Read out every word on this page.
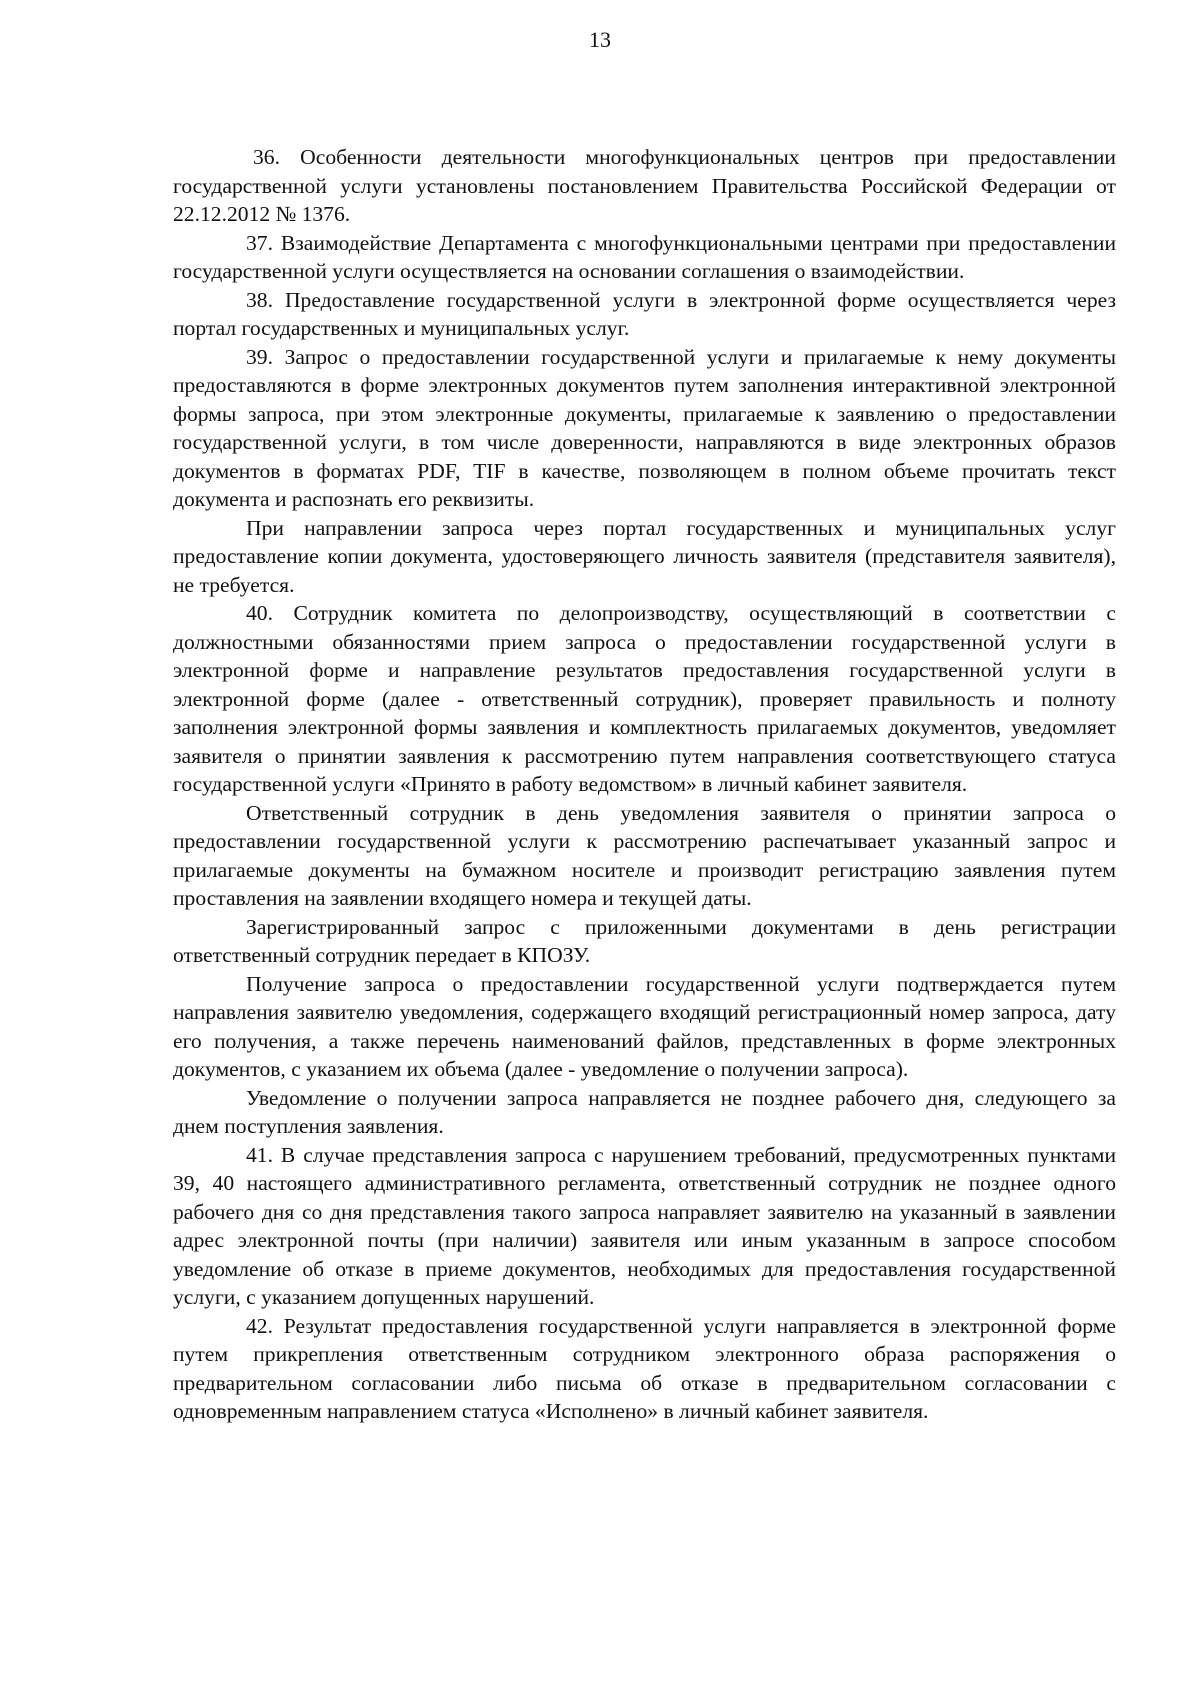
13

36. Особенности деятельности многофункциональных центров при предоставлении государственной услуги установлены постановлением Правительства Российской Федерации от 22.12.2012 № 1376.

37. Взаимодействие Департамента с многофункциональными центрами при предоставлении государственной услуги осуществляется на основании соглашения о взаимодействии.

38. Предоставление государственной услуги в электронной форме осуществляется через портал государственных и муниципальных услуг.

39. Запрос о предоставлении государственной услуги и прилагаемые к нему документы предоставляются в форме электронных документов путем заполнения интерактивной электронной формы запроса, при этом электронные документы, прилагаемые к заявлению о предоставлении государственной услуги, в том числе доверенности, направляются в виде электронных образов документов в форматах PDF, TIF в качестве, позволяющем в полном объеме прочитать текст документа и распознать его реквизиты.

При направлении запроса через портал государственных и муниципальных услуг предоставление копии документа, удостоверяющего личность заявителя (представителя заявителя), не требуется.

40. Сотрудник комитета по делопроизводству, осуществляющий в соответствии с должностными обязанностями прием запроса о предоставлении государственной услуги в электронной форме и направление результатов предоставления государственной услуги в электронной форме (далее - ответственный сотрудник), проверяет правильность и полноту заполнения электронной формы заявления и комплектность прилагаемых документов, уведомляет заявителя о принятии заявления к рассмотрению путем направления соответствующего статуса государственной услуги «Принято в работу ведомством» в личный кабинет заявителя.

Ответственный сотрудник в день уведомления заявителя о принятии запроса о предоставлении государственной услуги к рассмотрению распечатывает указанный запрос и прилагаемые документы на бумажном носителе и производит регистрацию заявления путем проставления на заявлении входящего номера и текущей даты.

Зарегистрированный запрос с приложенными документами в день регистрации ответственный сотрудник передает в КПОЗУ.

Получение запроса о предоставлении государственной услуги подтверждается путем направления заявителю уведомления, содержащего входящий регистрационный номер запроса, дату его получения, а также перечень наименований файлов, представленных в форме электронных документов, с указанием их объема (далее - уведомление о получении запроса).

Уведомление о получении запроса направляется не позднее рабочего дня, следующего за днем поступления заявления.

41. В случае представления запроса с нарушением требований, предусмотренных пунктами 39, 40 настоящего административного регламента, ответственный сотрудник не позднее одного рабочего дня со дня представления такого запроса направляет заявителю на указанный в заявлении адрес электронной почты (при наличии) заявителя или иным указанным в запросе способом уведомление об отказе в приеме документов, необходимых для предоставления государственной услуги, с указанием допущенных нарушений.

42. Результат предоставления государственной услуги направляется в электронной форме путем прикрепления ответственным сотрудником электронного образа распоряжения о предварительном согласовании либо письма об отказе в предварительном согласовании с одновременным направлением статуса «Исполнено» в личный кабинет заявителя.
